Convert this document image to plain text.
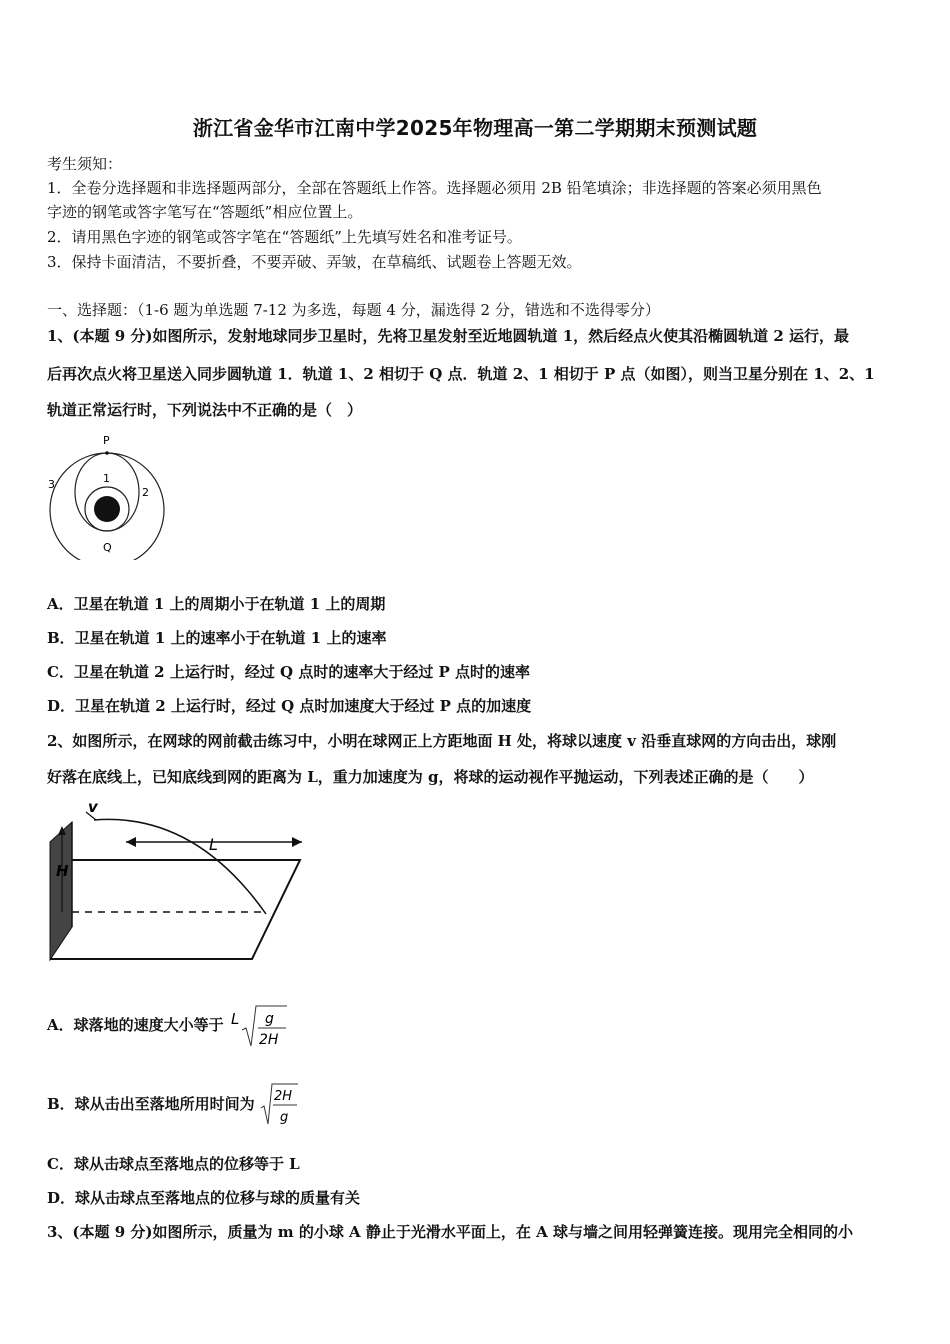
浙江省金华市江南中学2025年物理高一第二学期期末预测试题
考生须知：
1．全卷分选择题和非选择题两部分，全部在答题纸上作答。选择题必须用 2B 铅笔填涂；非选择题的答案必须用黑色
字迹的钢笔或答字笔写在“答题纸”相应位置上。
2．请用黑色字迹的钢笔或答字笔在“答题纸”上先填写姓名和准考证号。
3．保持卡面清洁，不要折叠，不要弄破、弄皱，在草稿纸、试题卷上答题无效。
一、选择题：（1-6 题为单选题 7-12 为多选，每题 4 分，漏选得 2 分，错选和不选得零分）
1、(本题 9 分)如图所示，发射地球同步卫星时，先将卫星发射至近地圆轨道 1，然后经点火使其沿椭圆轨道 2 运行，最
后再次点火将卫星送入同步圆轨道 1．轨道 1、2 相切于 Q 点．轨道 2、1 相切于 P 点（如图），则当卫星分别在 1、2、1
轨道正常运行时，下列说法中不正确的是（　）
P
1
2
3
Q
A．卫星在轨道 1 上的周期小于在轨道 1 上的周期
B．卫星在轨道 1 上的速率小于在轨道 1 上的速率
C．卫星在轨道 2 上运行时，经过 Q 点时的速率大于经过 P 点时的速率
D．卫星在轨道 2 上运行时，经过 Q 点时加速度大于经过 P 点的加速度
2、如图所示，在网球的网前截击练习中，小明在球网正上方距地面 H 处，将球以速度 v 沿垂直球网的方向击出，球刚
好落在底线上，已知底线到网的距离为 L，重力加速度为 g，将球的运动视作平抛运动，下列表述正确的是（　　）
v
H
L
A．球落地的速度大小等于 L g
2H
B．球从击出至落地所用时间为 2H
g
C．球从击球点至落地点的位移等于 L
D．球从击球点至落地点的位移与球的质量有关
3、(本题 9 分)如图所示，质量为 m 的小球 A 静止于光滑水平面上，在 A 球与墙之间用轻弹簧连接。现用完全相同的小
